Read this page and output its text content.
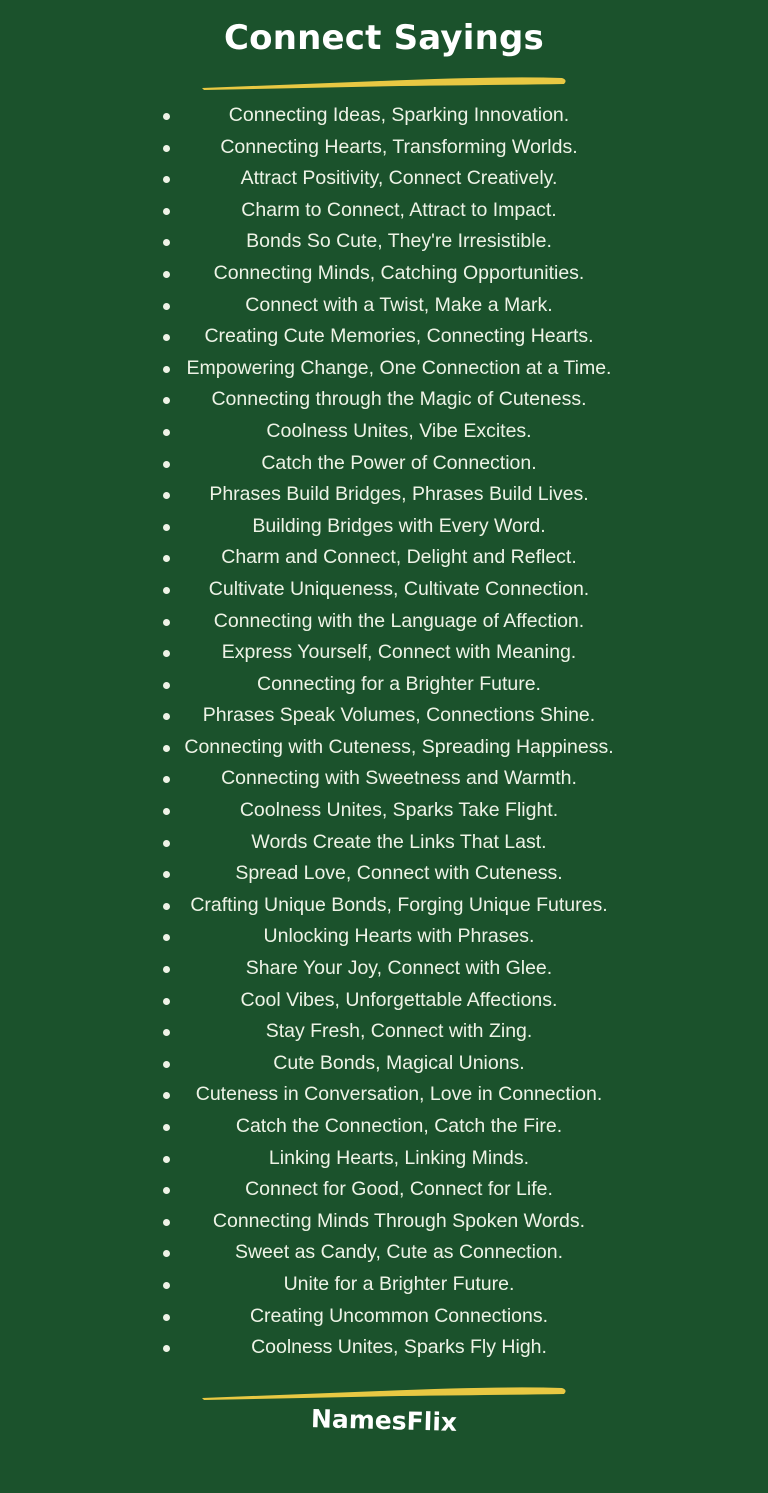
Connect Sayings
Connecting Ideas, Sparking Innovation.
Connecting Hearts, Transforming Worlds.
Attract Positivity, Connect Creatively.
Charm to Connect, Attract to Impact.
Bonds So Cute, They're Irresistible.
Connecting Minds, Catching Opportunities.
Connect with a Twist, Make a Mark.
Creating Cute Memories, Connecting Hearts.
Empowering Change, One Connection at a Time.
Connecting through the Magic of Cuteness.
Coolness Unites, Vibe Excites.
Catch the Power of Connection.
Phrases Build Bridges, Phrases Build Lives.
Building Bridges with Every Word.
Charm and Connect, Delight and Reflect.
Cultivate Uniqueness, Cultivate Connection.
Connecting with the Language of Affection.
Express Yourself, Connect with Meaning.
Connecting for a Brighter Future.
Phrases Speak Volumes, Connections Shine.
Connecting with Cuteness, Spreading Happiness.
Connecting with Sweetness and Warmth.
Coolness Unites, Sparks Take Flight.
Words Create the Links That Last.
Spread Love, Connect with Cuteness.
Crafting Unique Bonds, Forging Unique Futures.
Unlocking Hearts with Phrases.
Share Your Joy, Connect with Glee.
Cool Vibes, Unforgettable Affections.
Stay Fresh, Connect with Zing.
Cute Bonds, Magical Unions.
Cuteness in Conversation, Love in Connection.
Catch the Connection, Catch the Fire.
Linking Hearts, Linking Minds.
Connect for Good, Connect for Life.
Connecting Minds Through Spoken Words.
Sweet as Candy, Cute as Connection.
Unite for a Brighter Future.
Creating Uncommon Connections.
Coolness Unites, Sparks Fly High.
NamesFlix
